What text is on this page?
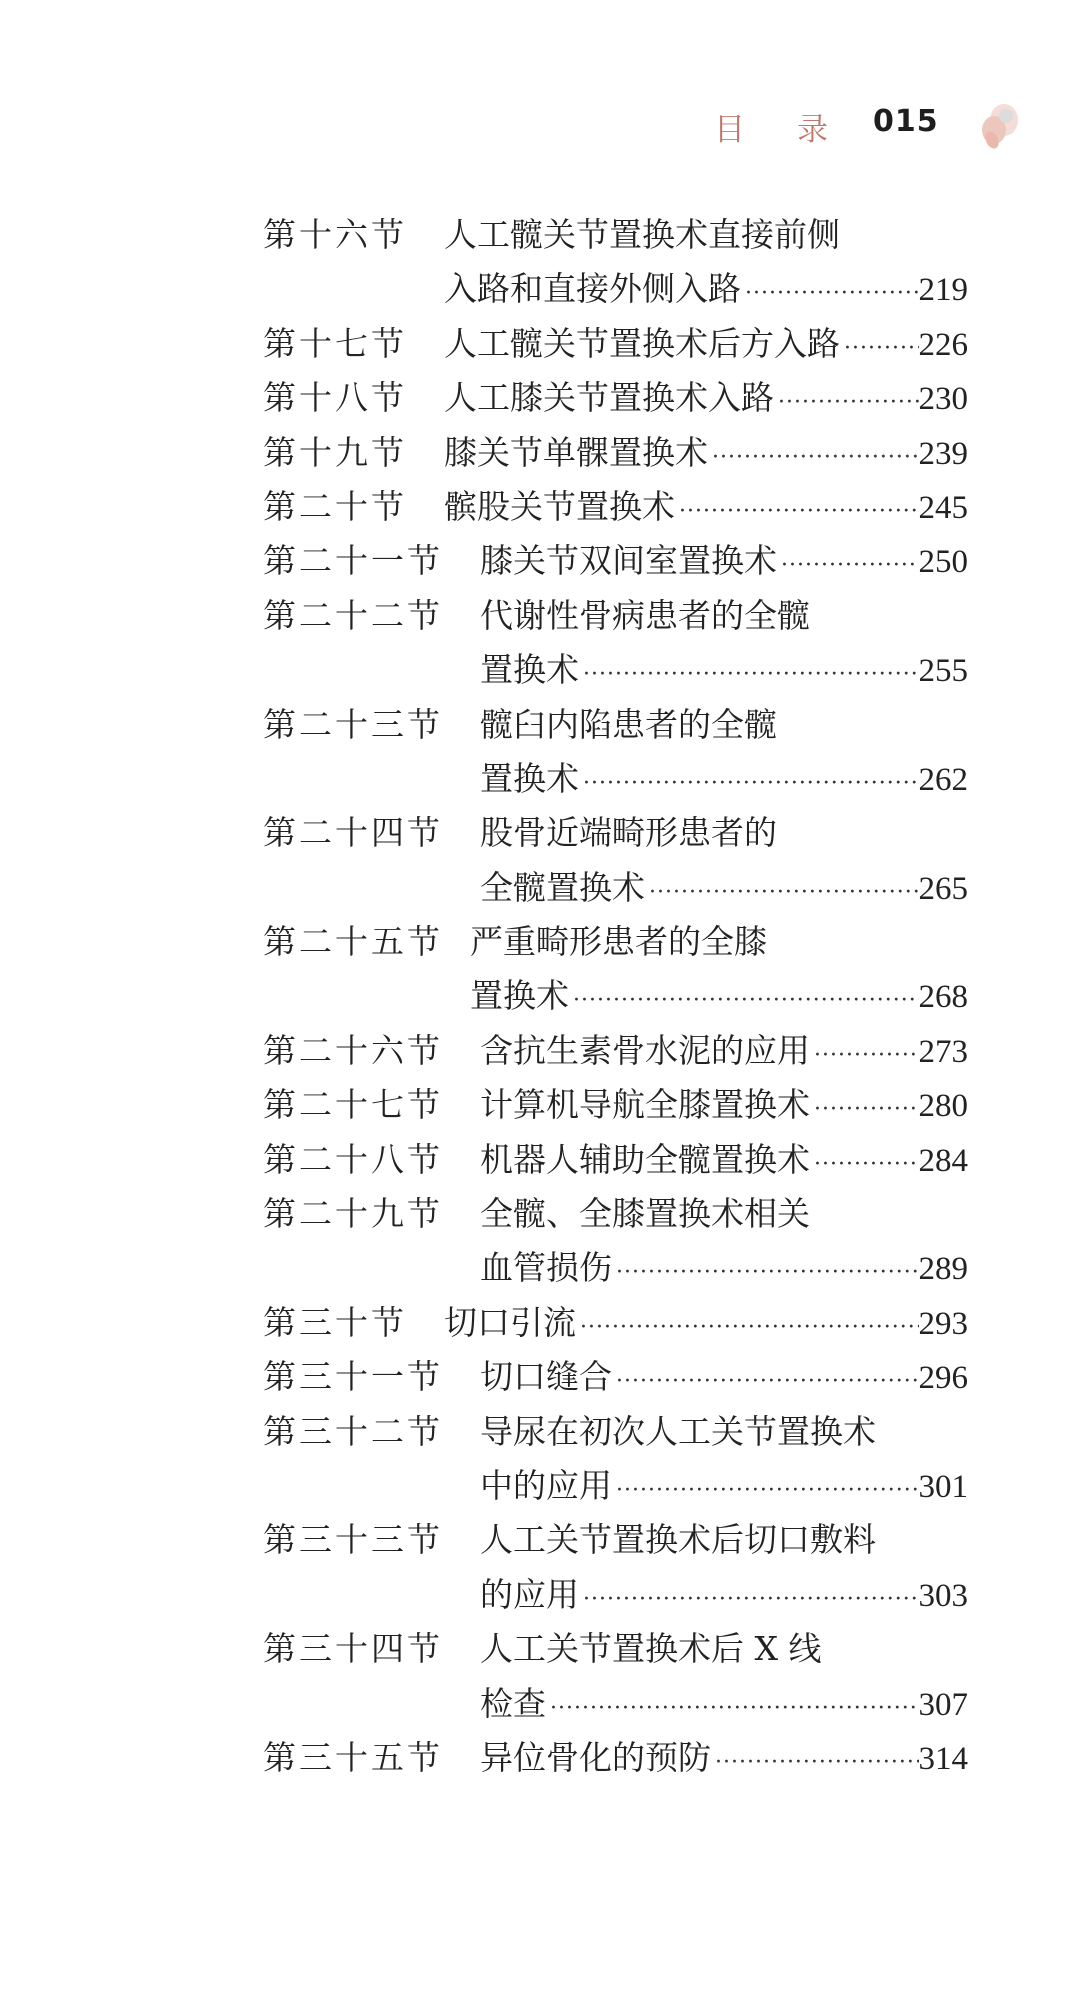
目录
015
第十六节 人工髋关节置换术直接前侧
入路和直接外侧入路 ·····	219
第十七节 人工髋关节置换术后方入路 ····· 226
第十八节 人工膝关节置换术入路 ·····	230
第十九节 膝关节单髁置换术 ·····	239
第二十节 髌股关节置换术 ·····	245
第二十一节 膝关节双间室置换术 ·····	250
第二十二节 代谢性骨病患者的全髋
置换术 ·····	255
第二十三节 髋臼内陷患者的全髋
置换术 ·····	262
第二十四节 股骨近端畸形患者的
全髋置换术 ·····	265
第二十五节 严重畸形患者的全膝
置换术 ·····	268
第二十六节 含抗生素骨水泥的应用 ·····	273
第二十七节 计算机导航全膝置换术 ·····	280
第二十八节 机器人辅助全髋置换术 ·····	284
第二十九节 全髋、全膝置换术相关
血管损伤 ·····	289
第三十节 切口引流 ·····	293
第三十一节 切口缝合 ·····	296
第三十二节 导尿在初次人工关节置换术
中的应用 ·····	301
第三十三节 人工关节置换术后切口敷料
的应用 ·····	303
第三十四节 人工关节置换术后 X 线
检查 ·····	307
第三十五节 异位骨化的预防 ·····	314
